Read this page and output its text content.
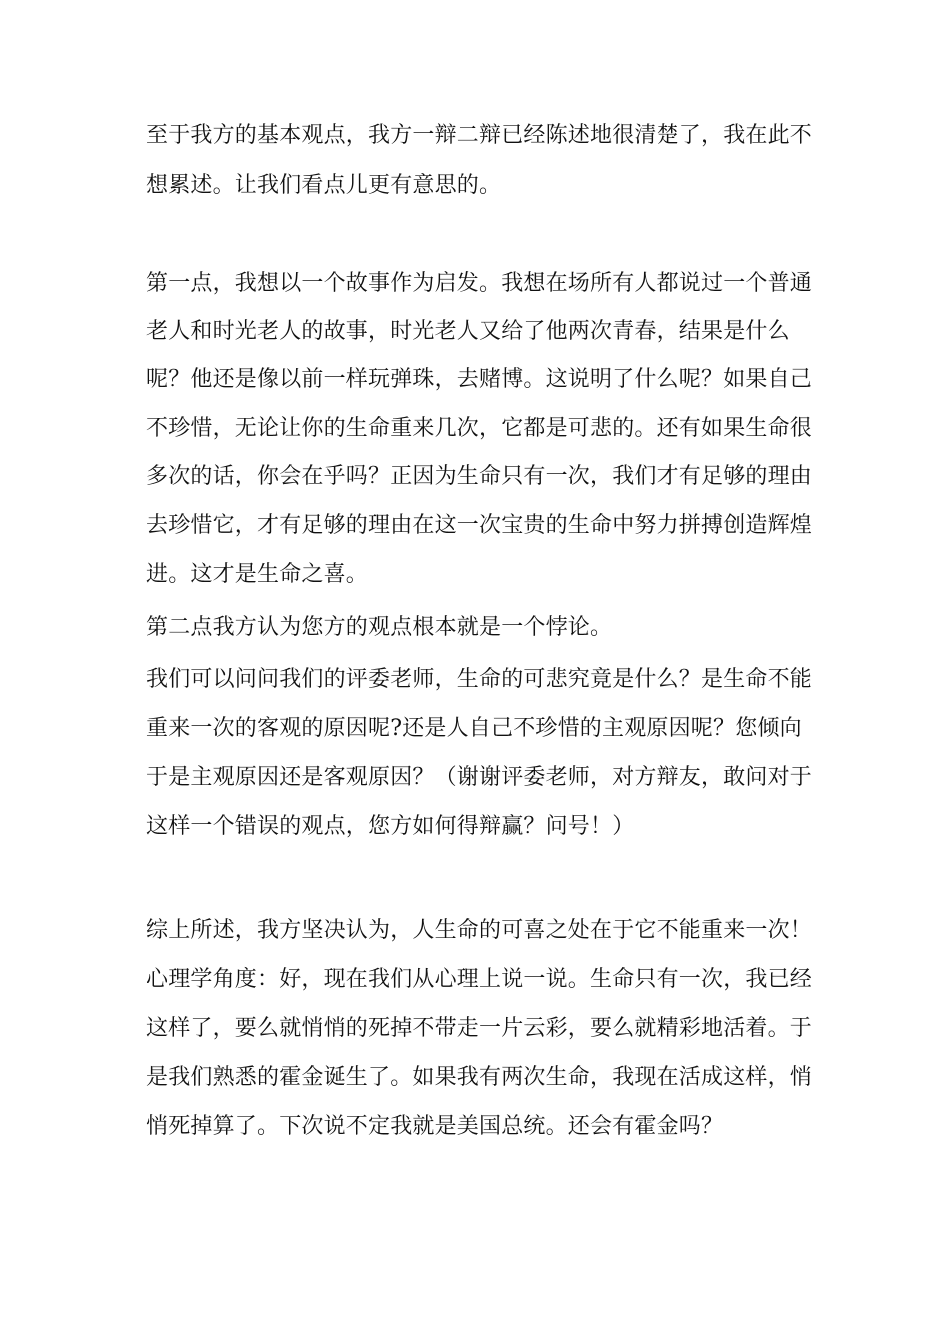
至于我方的基本观点，我方一辩二辩已经陈述地很清楚了，我在此不
想累述。让我们看点儿更有意思的。
第一点，我想以一个故事作为启发。我想在场所有人都说过一个普通
老人和时光老人的故事，时光老人又给了他两次青春，结果是什么
呢？他还是像以前一样玩弹珠，去赌博。这说明了什么呢？如果自己
不珍惜，无论让你的生命重来几次，它都是可悲的。还有如果生命很
多次的话，你会在乎吗？正因为生命只有一次，我们才有足够的理由
去珍惜它，才有足够的理由在这一次宝贵的生命中努力拼搏创造辉煌
进。这才是生命之喜。
第二点我方认为您方的观点根本就是一个悖论。
我们可以问问我们的评委老师，生命的可悲究竟是什么？是生命不能
重来一次的客观的原因呢?还是人自己不珍惜的主观原因呢？您倾向
于是主观原因还是客观原因？（谢谢评委老师，对方辩友，敢问对于
这样一个错误的观点，您方如何得辩赢？问号！）
综上所述，我方坚决认为，人生命的可喜之处在于它不能重来一次！
心理学角度：好，现在我们从心理上说一说。生命只有一次，我已经
这样了，要么就悄悄的死掉不带走一片云彩，要么就精彩地活着。于
是我们熟悉的霍金诞生了。如果我有两次生命，我现在活成这样，悄
悄死掉算了。下次说不定我就是美国总统。还会有霍金吗？
